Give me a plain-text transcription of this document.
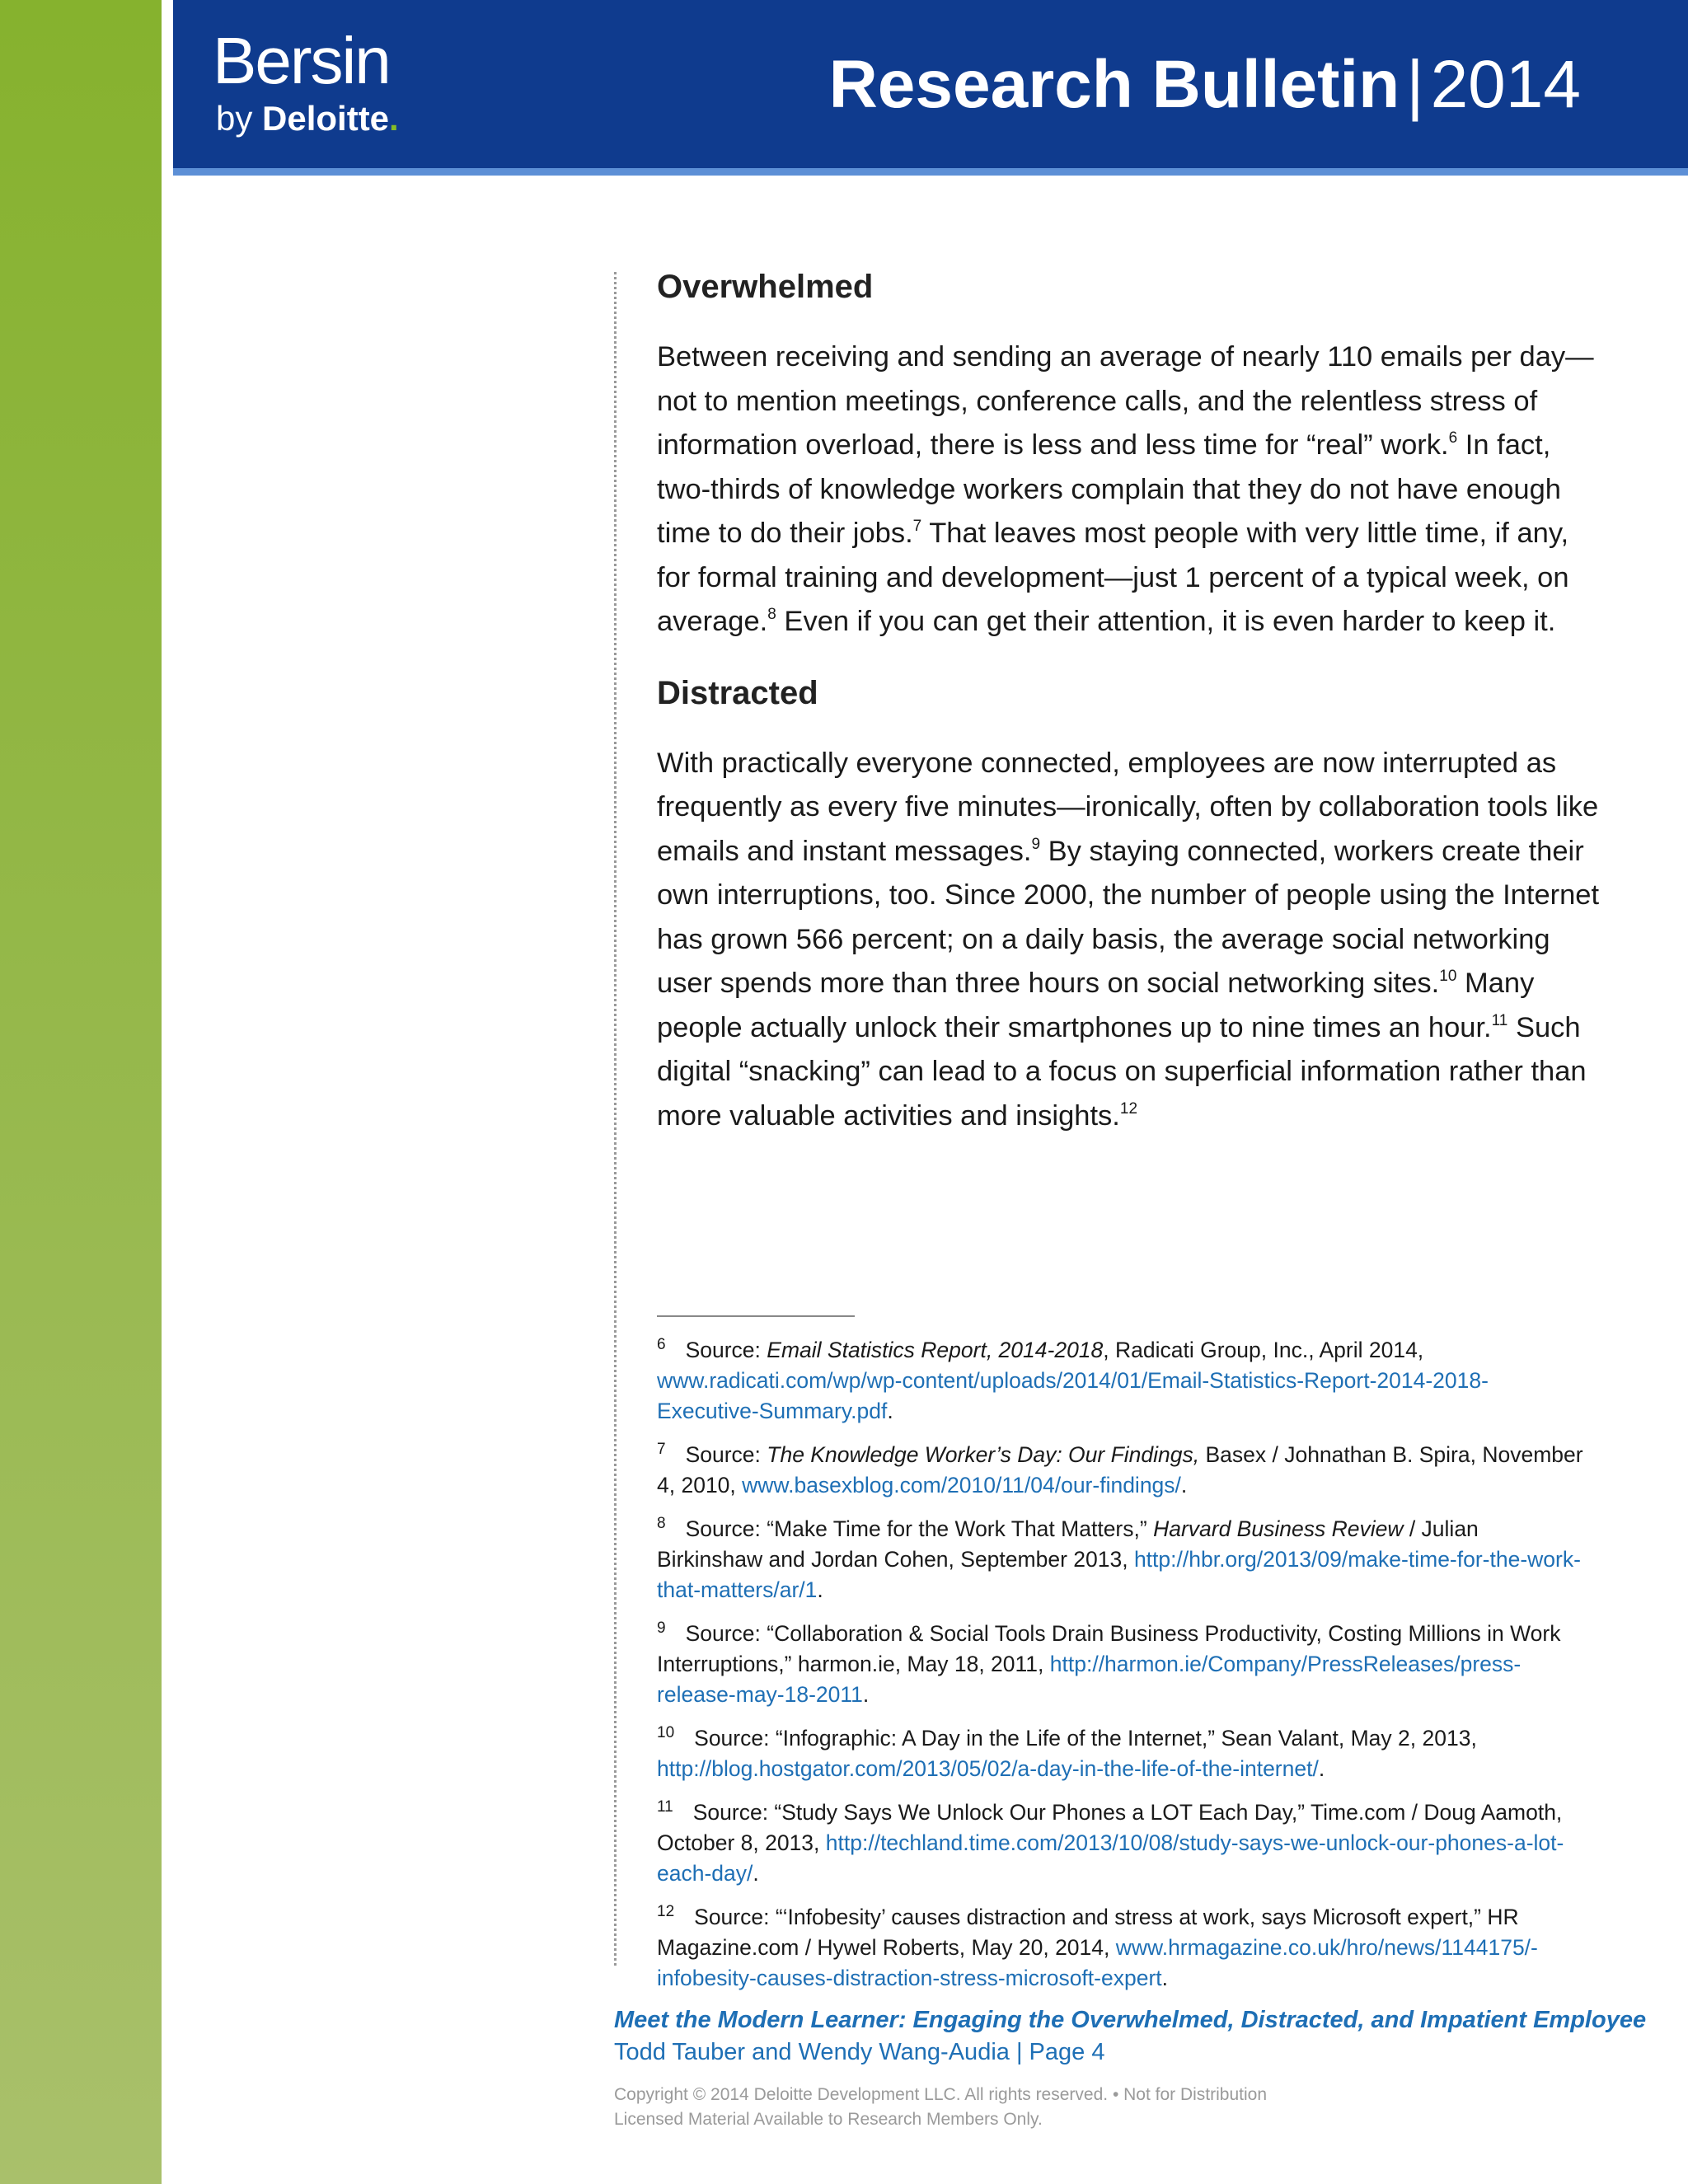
Bersin
by Deloitte.	Research Bulletin|2014
Overwhelmed

Between receiving and sending an average of nearly 110 emails per day—not to mention meetings, conference calls, and the relentless stress of information overload, there is less and less time for “real” work.$^6$ In fact, two-thirds of knowledge workers complain that they do not have enough time to do their jobs.$^7$ That leaves most people with very little time, if any, for formal training and development—just 1 percent of a typical week, on average.$^8$ Even if you can get their attention, it is even harder to keep it.

Distracted

With practically everyone connected, employees are now interrupted as frequently as every five minutes—ironically, often by collaboration tools like emails and instant messages.$^9$ By staying connected, workers create their own interruptions, too. Since 2000, the number of people using the Internet has grown 566 percent; on a daily basis, the average social networking user spends more than three hours on social networking sites.$^{10}$ Many people actually unlock their smartphones up to nine times an hour.$^{11}$ Such digital “snacking” can lead to a focus on superficial information rather than more valuable activities and insights.$^{12}$

$^6$ Source: Email Statistics Report, 2014-2018, Radicati Group, Inc., April 2014, www.radicati.com/wp/wp-content/uploads/2014/01/Email-Statistics-Report-2014-2018-Executive-Summary.pdf.
$^7$ Source: The Knowledge Worker’s Day: Our Findings, Basex / Johnathan B. Spira, November 4, 2010, www.basexblog.com/2010/11/04/our-findings/.
$^8$ Source: “Make Time for the Work That Matters,” Harvard Business Review / Julian Birkinshaw and Jordan Cohen, September 2013, http://hbr.org/2013/09/make-time-for-the-work-that-matters/ar/1.
$^9$ Source: “Collaboration & Social Tools Drain Business Productivity, Costing Millions in Work Interruptions,” harmon.ie, May 18, 2011, http://harmon.ie/Company/PressReleases/press-release-may-18-2011.
$^{10}$ Source: “Infographic: A Day in the Life of the Internet,” Sean Valant, May 2, 2013, http://blog.hostgator.com/2013/05/02/a-day-in-the-life-of-the-internet/.
$^{11}$ Source: “Study Says We Unlock Our Phones a LOT Each Day,” Time.com / Doug Aamoth, October 8, 2013, http://techland.time.com/2013/10/08/study-says-we-unlock-our-phones-a-lot-each-day/.
$^{12}$ Source: “‘Infobesity’ causes distraction and stress at work, says Microsoft expert,” HR Magazine.com / Hywel Roberts, May 20, 2014, www.hrmagazine.co.uk/hro/news/1144175/-infobesity-causes-distraction-stress-microsoft-expert.
Meet the Modern Learner: Engaging the Overwhelmed, Distracted, and Impatient Employee
Todd Tauber and Wendy Wang-Audia | Page 4
Copyright © 2014 Deloitte Development LLC. All rights reserved. • Not for Distribution
Licensed Material Available to Research Members Only.
